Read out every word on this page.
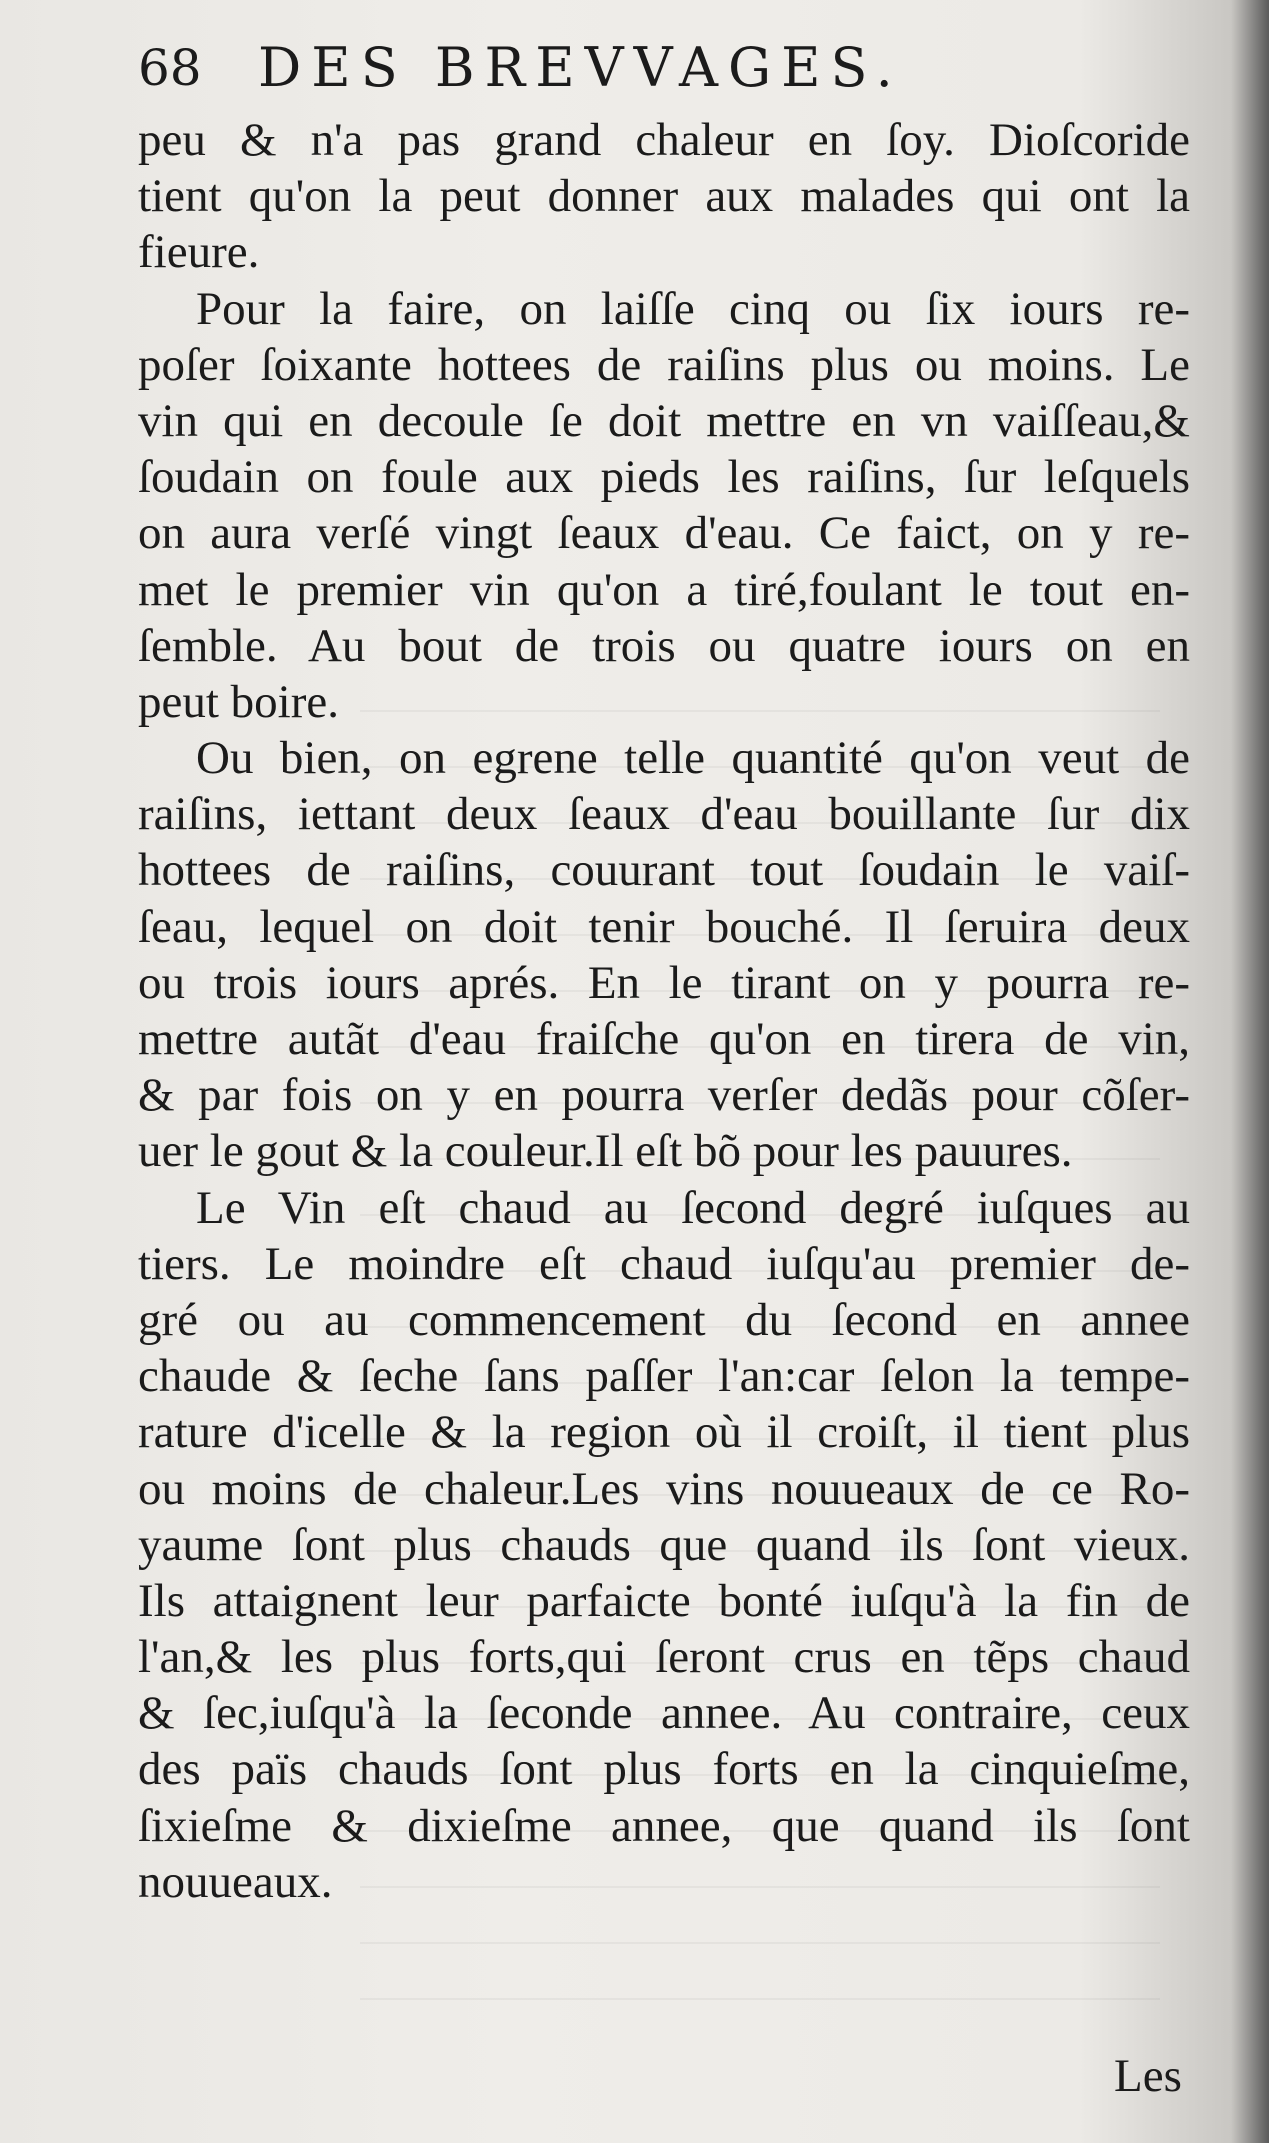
68 DES BREVVAGES.
peu & n'a pas grand chaleur en ſoy. Dioſcoride
tient qu'on la peut donner aux malades qui ont la
fieure.
Pour la faire, on laiſſe cinq ou ſix iours re-
poſer ſoixante hottees de raiſins plus ou moins. Le
vin qui en decoule ſe doit mettre en vn vaiſſeau,&
ſoudain on foule aux pieds les raiſins, ſur leſquels
on aura verſé vingt ſeaux d'eau. Ce faict, on y re-
met le premier vin qu'on a tiré,foulant le tout en-
ſemble. Au bout de trois ou quatre iours on en
peut boire.
Ou bien, on egrene telle quantité qu'on veut de
raiſins, iettant deux ſeaux d'eau bouillante ſur dix
hottees de raiſins, couurant tout ſoudain le vaiſ-
ſeau, lequel on doit tenir bouché. Il ſeruira deux
ou trois iours aprés. En le tirant on y pourra re-
mettre autãt d'eau fraiſche qu'on en tirera de vin,
& par fois on y en pourra verſer dedãs pour cõſer-
uer le gout & la couleur.Il eſt bõ pour les pauures.
Le Vin eſt chaud au ſecond degré iuſques au
tiers. Le moindre eſt chaud iuſqu'au premier de-
gré ou au commencement du ſecond en annee
chaude & ſeche ſans paſſer l'an:car ſelon la tempe-
rature d'icelle & la region où il croiſt, il tient plus
ou moins de chaleur.Les vins nouueaux de ce Ro-
yaume ſont plus chauds que quand ils ſont vieux.
Ils attaignent leur parfaicte bonté iuſqu'à la fin de
l'an,& les plus forts,qui ſeront crus en tẽps chaud
& ſec,iuſqu'à la ſeconde annee. Au contraire, ceux
des païs chauds ſont plus forts en la cinquieſme,
ſixieſme & dixieſme annee, que quand ils ſont
nouueaux.
Les
